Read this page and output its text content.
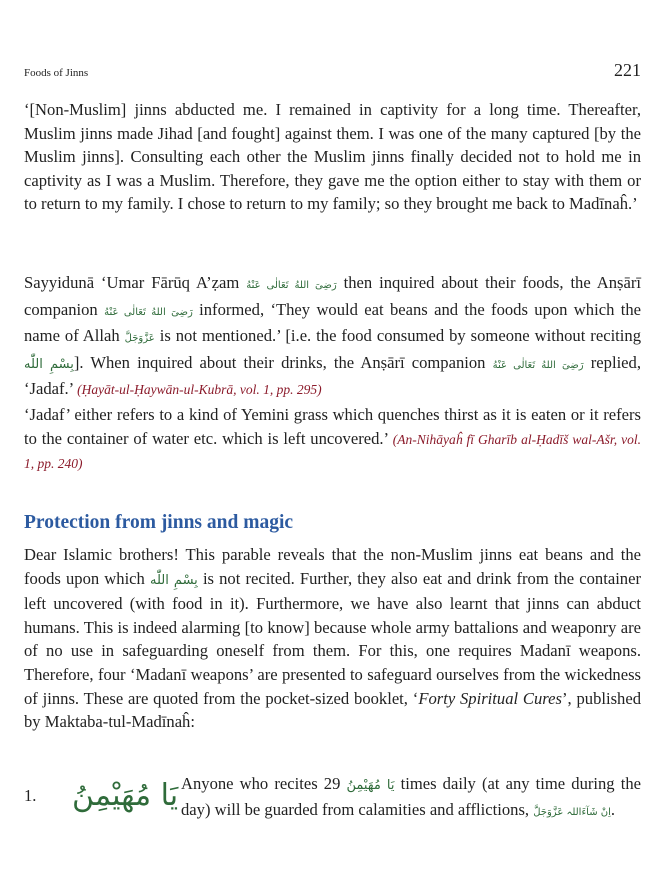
Foods of Jinns	221
‘[Non-Muslim] jinns abducted me. I remained in captivity for a long time. Thereafter, Muslim jinns made Jihad [and fought] against them. I was one of the many captured [by the Muslim jinns]. Consulting each other the Muslim jinns finally decided not to hold me in captivity as I was a Muslim. Therefore, they gave me the option either to stay with them or to return to my family. I chose to return to my family; so they brought me back to Madīnaĥ.’
Sayyidunā ‘Umar Fārūq A’ẓam رَضِیَ اللهُ تَعَالٰی عَنْهُ then inquired about their foods, the Anṣārī companion رَضِیَ اللهُ تَعَالٰی عَنْهُ informed, ‘They would eat beans and the foods upon which the name of Allah عَزَّوَجَلَّ is not mentioned.’ [i.e. the food consumed by someone without reciting بِسْمِ اللّٰه]. When inquired about their drinks, the Anṣārī companion رَضِیَ اللهُ تَعَالٰی عَنْهُ replied, ‘Jadaf.’ (Ḥayāt-ul-Ḥaywān-ul-Kubrā, vol. 1, pp. 295)
‘Jadaf’ either refers to a kind of Yemini grass which quenches thirst as it is eaten or it refers to the container of water etc. which is left uncovered.’ (An-Nihāyaĥ fī Gharīb al-Ḥadīš wal-Ašr, vol. 1, pp. 240)
Protection from jinns and magic
Dear Islamic brothers! This parable reveals that the non-Muslim jinns eat beans and the foods upon which بِسْمِ اللّٰه is not recited. Further, they also eat and drink from the container left uncovered (with food in it). Furthermore, we have also learnt that jinns can abduct humans. This is indeed alarming [to know] because whole army battalions and weaponry are of no use in safeguarding oneself from them. For this, one requires Madanī weapons. Therefore, four ‘Madanī weapons’ are presented to safeguard ourselves from the wickedness of jinns. These are quoted from the pocket-sized booklet, ‘Forty Spiritual Cures’, published by Maktaba-tul-Madīnaĥ:
1. يَا مُهَيْمِنُ Anyone who recites يَا مُهَيْمِنُ 29 times daily (at any time during the day) will be guarded from calamities and afflictions, اِنْ شَآءَاللہ عَزَّوَجَلَّ.
